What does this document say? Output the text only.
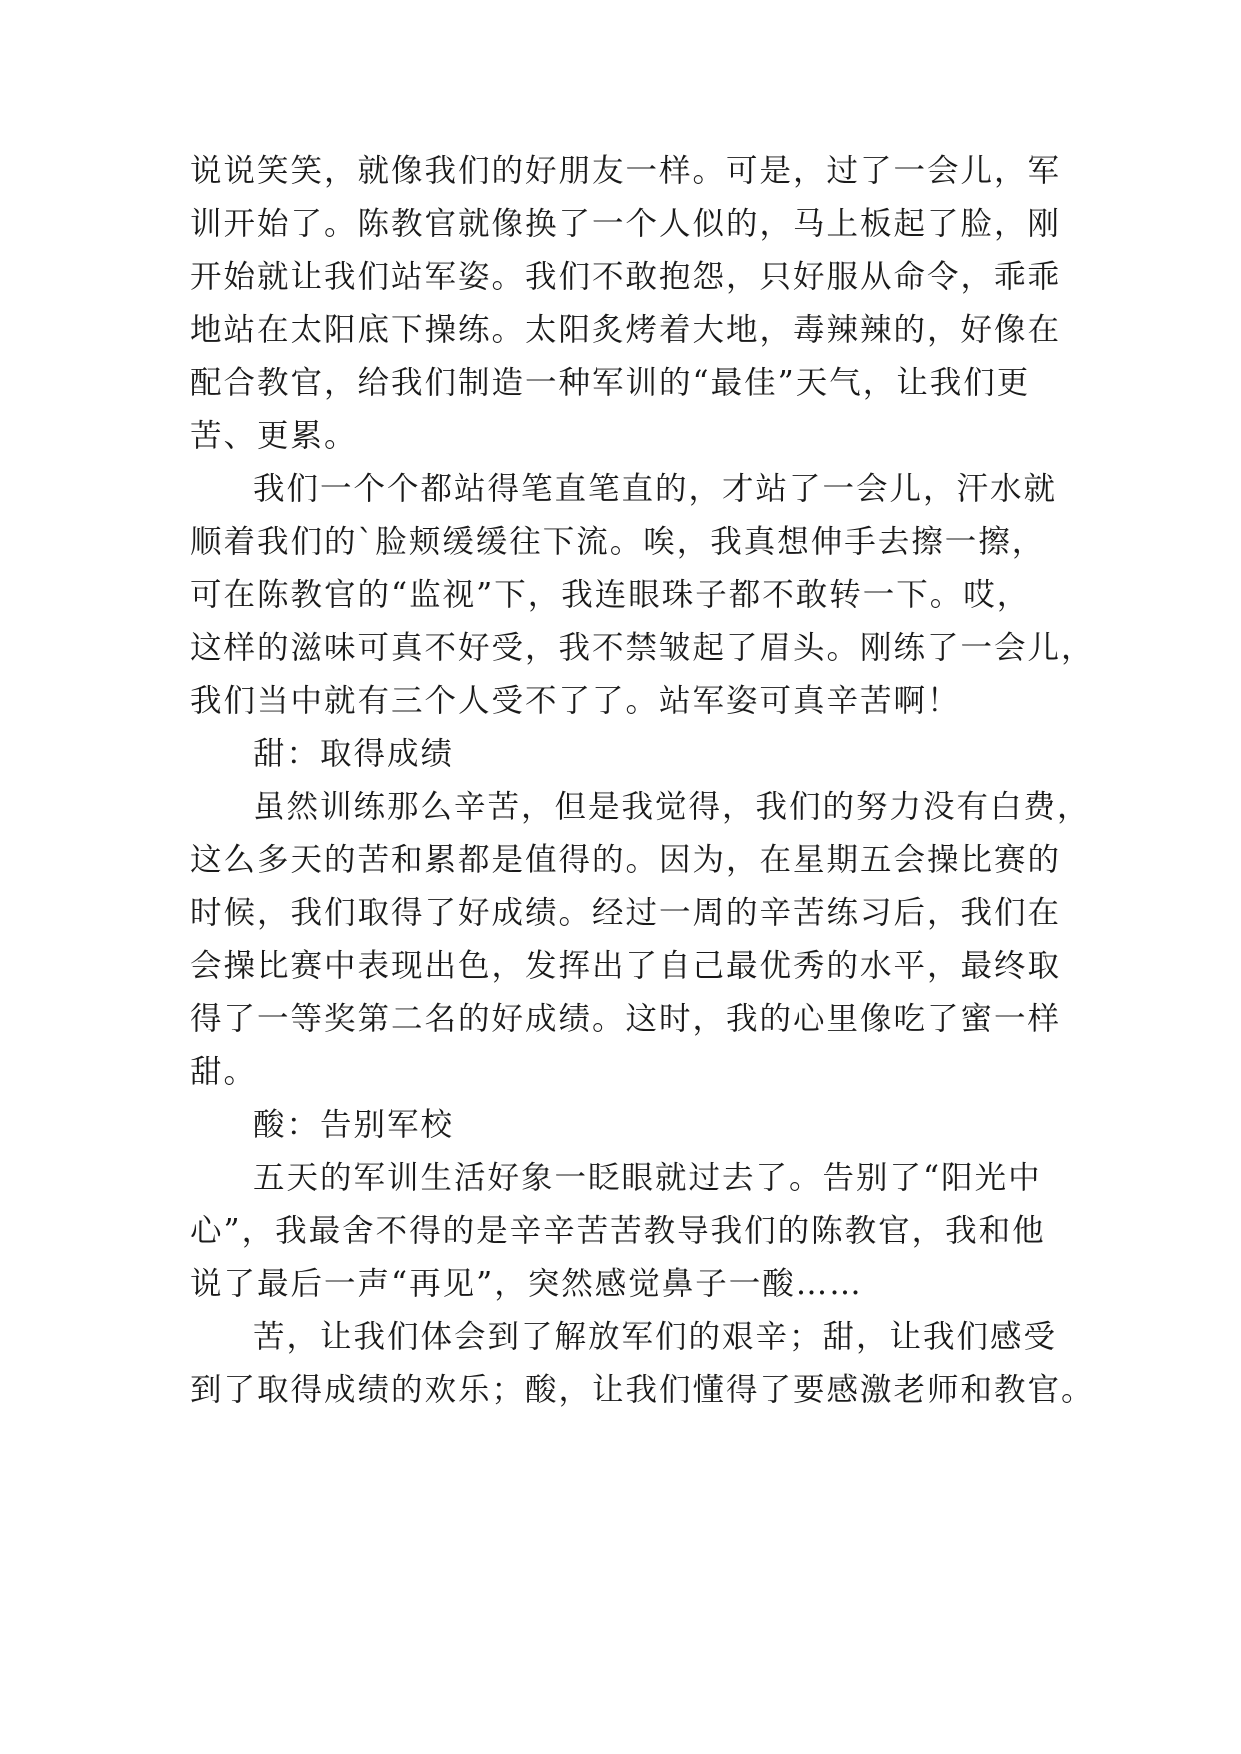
说说笑笑，就像我们的好朋友一样。可是，过了一会儿，军
训开始了。陈教官就像换了一个人似的，马上板起了脸，刚
开始就让我们站军姿。我们不敢抱怨，只好服从命令，乖乖
地站在太阳底下操练。太阳炙烤着大地，毒辣辣的，好像在
配合教官，给我们制造一种军训的“最佳”天气，让我们更
苦、更累。
我们一个个都站得笔直笔直的，才站了一会儿，汗水就
顺着我们的`脸颊缓缓往下流。唉，我真想伸手去擦一擦，
可在陈教官的“监视”下，我连眼珠子都不敢转一下。哎，
这样的滋味可真不好受，我不禁皱起了眉头。刚练了一会儿，
我们当中就有三个人受不了了。站军姿可真辛苦啊！
甜：取得成绩
虽然训练那么辛苦，但是我觉得，我们的努力没有白费，
这么多天的苦和累都是值得的。因为，在星期五会操比赛的
时候，我们取得了好成绩。经过一周的辛苦练习后，我们在
会操比赛中表现出色，发挥出了自己最优秀的水平，最终取
得了一等奖第二名的好成绩。这时，我的心里像吃了蜜一样
甜。
酸：告别军校
五天的军训生活好象一眨眼就过去了。告别了“阳光中
心”，我最舍不得的是辛辛苦苦教导我们的陈教官，我和他
说了最后一声“再见”，突然感觉鼻子一酸……
苦，让我们体会到了解放军们的艰辛；甜，让我们感受
到了取得成绩的欢乐；酸，让我们懂得了要感激老师和教官。
